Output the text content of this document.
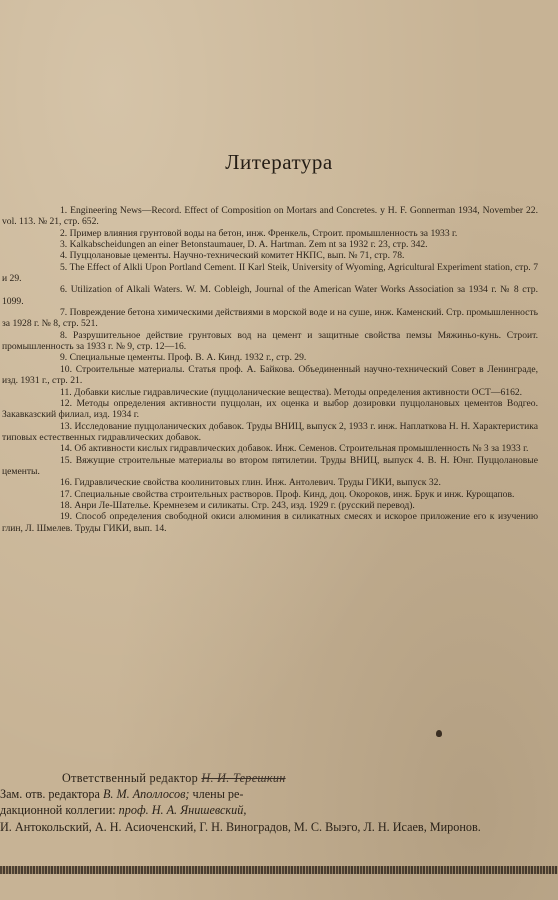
Литература

1. Engineering News—Record. Effect of Composition on Mortars and Concretes. y H. F. Gonnerman 1934, November 22. vol. 113. № 21, стр. 652.

2. Пример влияния грунтовой воды на бетон, инж. Френкель, Строит. промышленность за 1933 г.

3. Kalkabscheidungen an einer Betonstaumauer, D. A. Hartman. Zem nt за 1932 г. 23, стр. 342.

4. Пуццолановые цементы. Научно-технический комитет НКПС, вып. № 71, стр. 78.

5. The Effect of Alkli Upon Portland Cement. II Karl Steik, University of Wyoming, Agricultural Experiment station, стр. 7 и 29.

6. Utilization of Alkali Waters. W. M. Cobleigh, Journal of the American Water Works Association за 1934 г. № 8 стр. 1099.

7. Повреждение бетона химическими действиями в морской воде и на суше, инж. Каменский. Стр. промышленность за 1928 г. № 8, стр. 521.

8. Разрушительное действие грунтовых вод на цемент и защитные свойства пемзы Мяжиньо-кунь. Строит. промышленность за 1933 г. № 9, стр. 12—16.

9. Специальные цементы. Проф. В. А. Кинд. 1932 г., стр. 29.

10. Строительные материалы. Статья проф. А. Байкова. Объединенный научно-технический Совет в Ленинграде, изд. 1931 г., стр. 21.

11. Добавки кислые гидравлические (пуццоланические вещества). Методы определения активности ОСТ—6162.

12. Методы определения активности пуццолан, их оценка и выбор дозировки пуццолановых цементов Водгео. Закавказский филиал, изд. 1934 г.

13. Исследование пуццоланических добавок. Труды ВНИЦ, выпуск 2, 1933 г. инж. Наплаткова Н. Н. Характеристика типовых естественных гидравлических добавок.

14. Об активности кислых гидравлических добавок. Инж. Семенов. Строительная промышленность № 3 за 1933 г.

15. Вяжущие строительные материалы во втором пятилетии. Труды ВНИЦ, выпуск 4. В. Н. Юнг. Пуццолановые цементы.

16. Гидравлические свойства коолинитовых глин. Инж. Антолевич. Труды ГИКИ, выпуск 32.

17. Специальные свойства строительных растворов. Проф. Кинд, доц. Окороков, инж. Брук и инж. Курощапов.

18. Анри Ле-Шателье. Кремнезем и силикаты. Стр. 243, изд. 1929 г. (русский перевод).

19. Способ определения свободной окиси алюминия в силикатных смесях и искорое приложение его к изучению глин, Л. Шмелев. Труды ГИКИ, вып. 14.

Ответственный редактор Н. И. Терешкин

Зам. отв. редактора В. М. Аполлосов; члены ре-

дакционной коллегии: проф. Н. А. Янишевский,

И. Антокольский, А. Н. Асиоченский, Г. Н. Виноградов, М. С. Выэго, Л. Н. Исаев, Миронов.
